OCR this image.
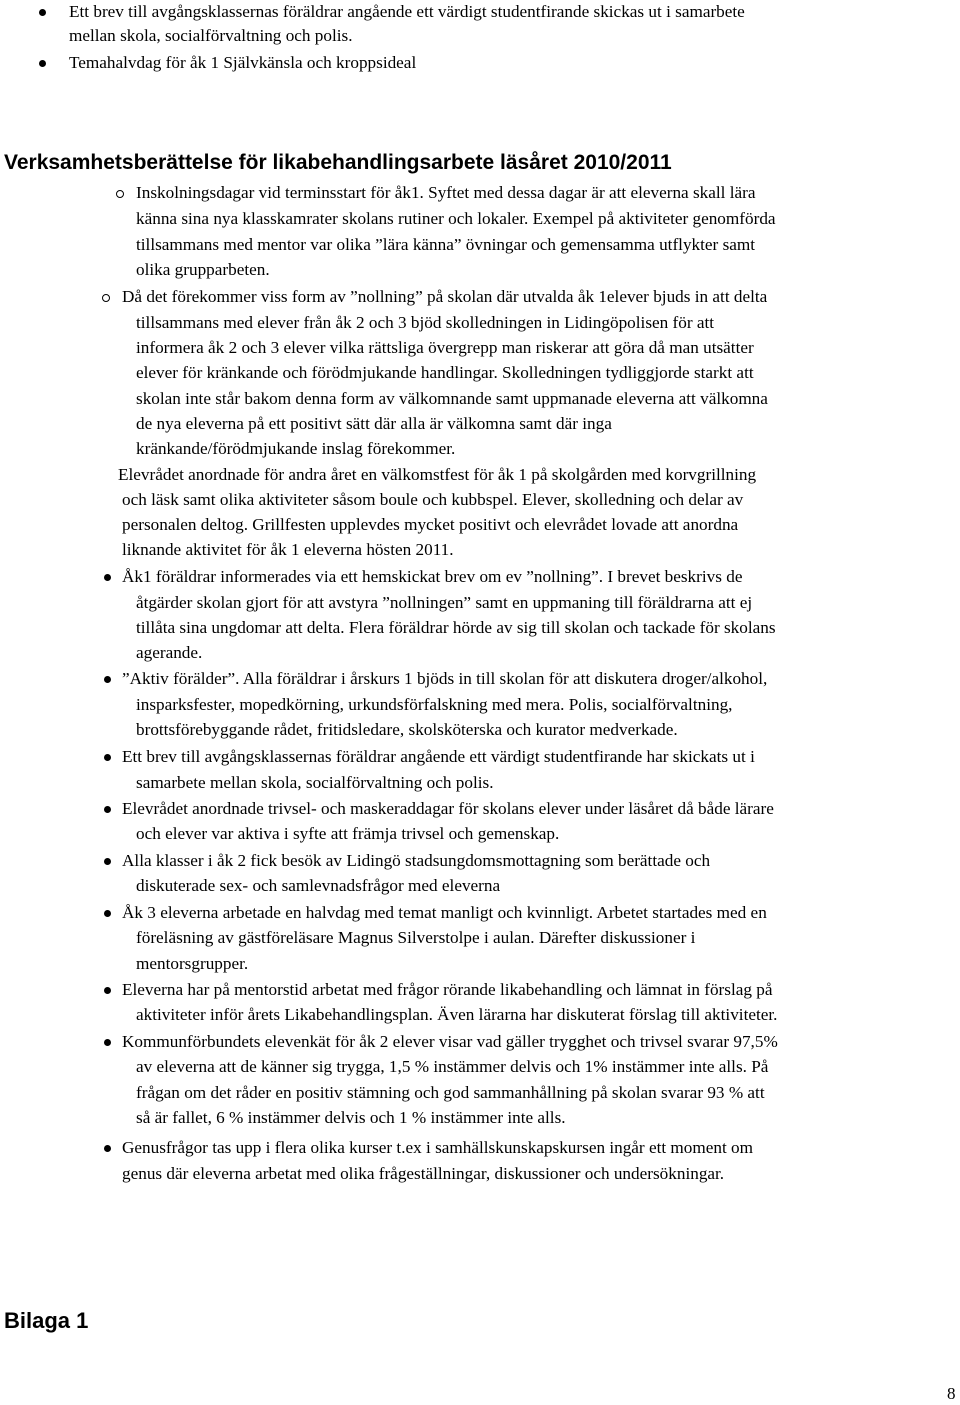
Ett brev till avgångsklassernas föräldrar angående ett värdigt studentfirande skickas ut i samarbete
mellan skola, socialförvaltning och polis.
Temahalvdag för åk 1 Självkänsla och kroppsideal
Verksamhetsberättelse för likabehandlingsarbete läsåret 2010/2011
Inskolningsdagar vid terminsstart för åk1. Syftet med dessa dagar är att eleverna skall lära
känna sina nya klasskamrater skolans rutiner och lokaler. Exempel på aktiviteter genomförda
tillsammans med mentor var olika ”lära känna” övningar och gemensamma utflykter samt
olika grupparbeten.
Då det förekommer viss form av ”nollning” på skolan där utvalda åk 1elever bjuds in att delta
tillsammans med elever från åk 2 och 3 bjöd skolledningen in Lidingöpolisen för att
informera åk 2 och 3 elever vilka rättsliga övergrepp man riskerar att göra då man utsätter
elever för kränkande och förödmjukande handlingar. Skolledningen tydliggjorde starkt att
skolan inte står bakom denna form av välkomnande samt uppmanade eleverna att välkomna
de nya eleverna på ett positivt sätt där alla är välkomna samt där inga
kränkande/förödmjukande inslag förekommer.
Elevrådet anordnade för andra året en välkomstfest för åk 1 på skolgården med korvgrillning
och läsk samt olika aktiviteter såsom boule och kubbspel. Elever, skolledning och delar av
personalen deltog. Grillfesten upplevdes mycket positivt och elevrådet lovade att anordna
liknande aktivitet för åk 1 eleverna hösten 2011.
Åk1 föräldrar informerades via ett hemskickat brev om ev ”nollning”. I brevet beskrivs de
åtgärder skolan gjort för att avstyra ”nollningen” samt en uppmaning till föräldrarna att ej
tillåta sina ungdomar att delta. Flera föräldrar hörde av sig till skolan och tackade för skolans
agerande.
”Aktiv förälder”. Alla föräldrar i årskurs 1 bjöds in till skolan för att diskutera droger/alkohol,
insparksfester, mopedkörning, urkundsförfalskning med mera. Polis, socialförvaltning,
brottsförebyggande rådet, fritidsledare, skolsköterska och kurator medverkade.
Ett brev till avgångsklassernas föräldrar angående ett värdigt studentfirande har skickats ut i
samarbete mellan skola, socialförvaltning och polis.
Elevrådet anordnade trivsel- och maskeraddagar för skolans elever under läsåret då både lärare
och elever var aktiva i syfte att främja trivsel och gemenskap.
Alla klasser i åk 2 fick besök av Lidingö stadsungdomsmottagning som berättade och
diskuterade sex- och samlevnadsfrågor med eleverna
Åk 3 eleverna arbetade en halvdag med temat manligt och kvinnligt. Arbetet startades med en
föreläsning av gästföreläsare Magnus Silverstolpe i aulan. Därefter diskussioner i
mentorsgrupper.
Eleverna har på mentorstid arbetat med frågor rörande likabehandling och lämnat in förslag på
aktiviteter inför årets Likabehandlingsplan. Även lärarna har diskuterat förslag till aktiviteter.
Kommunförbundets elevenkät för åk 2 elever visar vad gäller trygghet och trivsel svarar 97,5%
av eleverna att de känner sig trygga, 1,5 % instämmer delvis och 1% instämmer inte alls. På
frågan om det råder en positiv stämning och god sammanhållning på skolan svarar 93 % att
så är fallet, 6 % instämmer delvis och 1 % instämmer inte alls.
Genusfrågor tas upp i flera olika kurser t.ex i samhällskunskapskursen ingår ett moment om
genus där eleverna arbetat med olika frågeställningar, diskussioner och undersökningar.
Bilaga 1
8
